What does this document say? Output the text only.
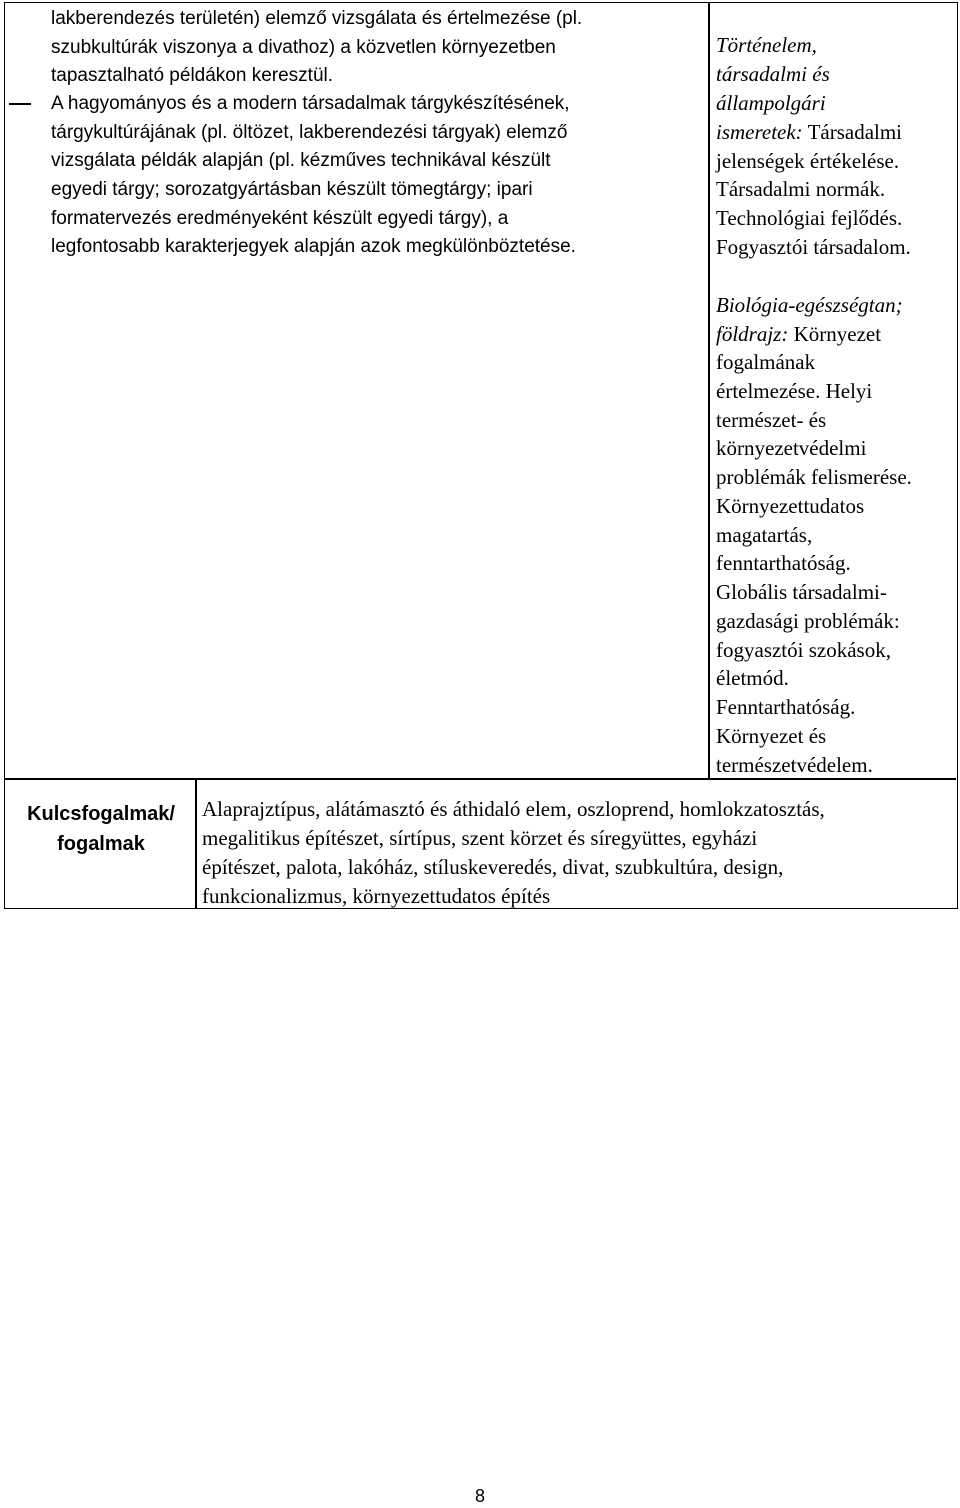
lakberendezés területén) elemző vizsgálata és értelmezése (pl.
szubkultúrák viszonya a divathoz) a közvetlen környezetben
tapasztalható példákon keresztül.
A hagyományos és a modern társadalmak tárgykészítésének,
tárgykultúrájának (pl. öltözet, lakberendezési tárgyak) elemző
vizsgálata példák alapján (pl. kézműves technikával készült
egyedi tárgy; sorozatgyártásban készült tömegtárgy; ipari
formatervezés eredményeként készült egyedi tárgy), a
legfontosabb karakterjegyek alapján azok megkülönböztetése.
Történelem,
társadalmi és
állampolgári
ismeretek: Társadalmi
jelenségek értékelése.
Társadalmi normák.
Technológiai fejlődés.
Fogyasztói társadalom.
Biológia-egészségtan;
földrajz: Környezet
fogalmának
értelmezése. Helyi
természet- és
környezetvédelmi
problémák felismerése.
Környezettudatos
magatartás,
fenntarthatóság.
Globális társadalmi-
gazdasági problémák:
fogyasztói szokások,
életmód.
Fenntarthatóság.
Környezet és
természetvédelem.
Kulcsfogalmak/
fogalmak
Alaprajztípus, alátámasztó és áthidaló elem, oszloprend, homlokzatosztás,
megalitikus építészet, sírtípus, szent körzet és síregyüttes, egyházi
építészet, palota, lakóház, stíluskeveredés, divat, szubkultúra, design,
funkcionalizmus, környezettudatos építés
8
